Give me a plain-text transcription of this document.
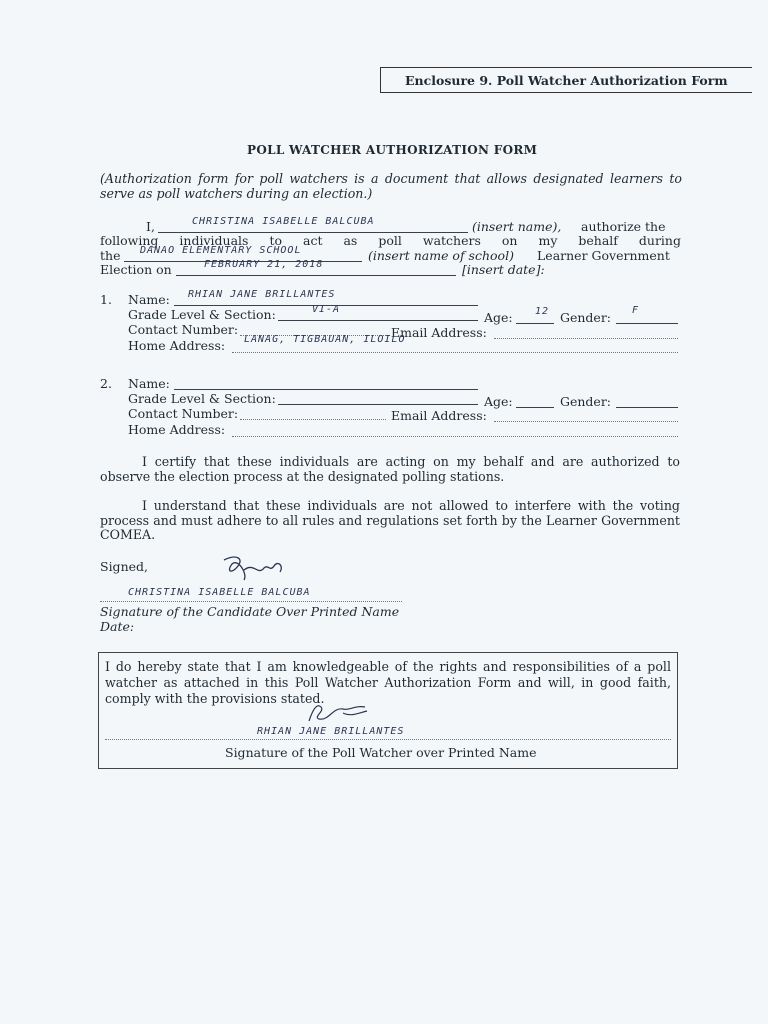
Enclosure 9. Poll Watcher Authorization Form
POLL WATCHER AUTHORIZATION FORM
(Authorization form for poll watchers is a document that allows designated learners to serve as poll watchers during an election.)
I,	CHRISTINA ISABELLE BALCUBA	(insert name), authorize the
following individuals to act as poll watchers on my behalf during
the DANAO ELEMENTARY SCHOOL	(insert name of school) Learner Government
Election on	FEBRUARY 21, 2018	[insert date]:
1. Name: RHIAN JANE BRILLANTES
Grade Level & Section:	VI-A
Age: 12 Gender: F
Contact Number:	Email Address:
Home Address: LANAG, TIGBAUAN, ILOILO
2. Name:
Grade Level & Section:	Age:	Gender:
Contact Number:	Email Address:
Home Address:
I certify that these individuals are acting on my behalf and are authorized to observe the election process at the designated polling stations.
I understand that these individuals are not allowed to interfere with the voting process and must adhere to all rules and regulations set forth by the Learner Government COMEA.
Signed,
CHRISTINA ISABELLE BALCUBA
Signature of the Candidate Over Printed Name
Date:
I do hereby state that I am knowledgeable of the rights and responsibilities of a poll watcher as attached in this Poll Watcher Authorization Form and will, in good faith, comply with the provisions stated.
RHIAN JANE BRILLANTES
Signature of the Poll Watcher over Printed Name
